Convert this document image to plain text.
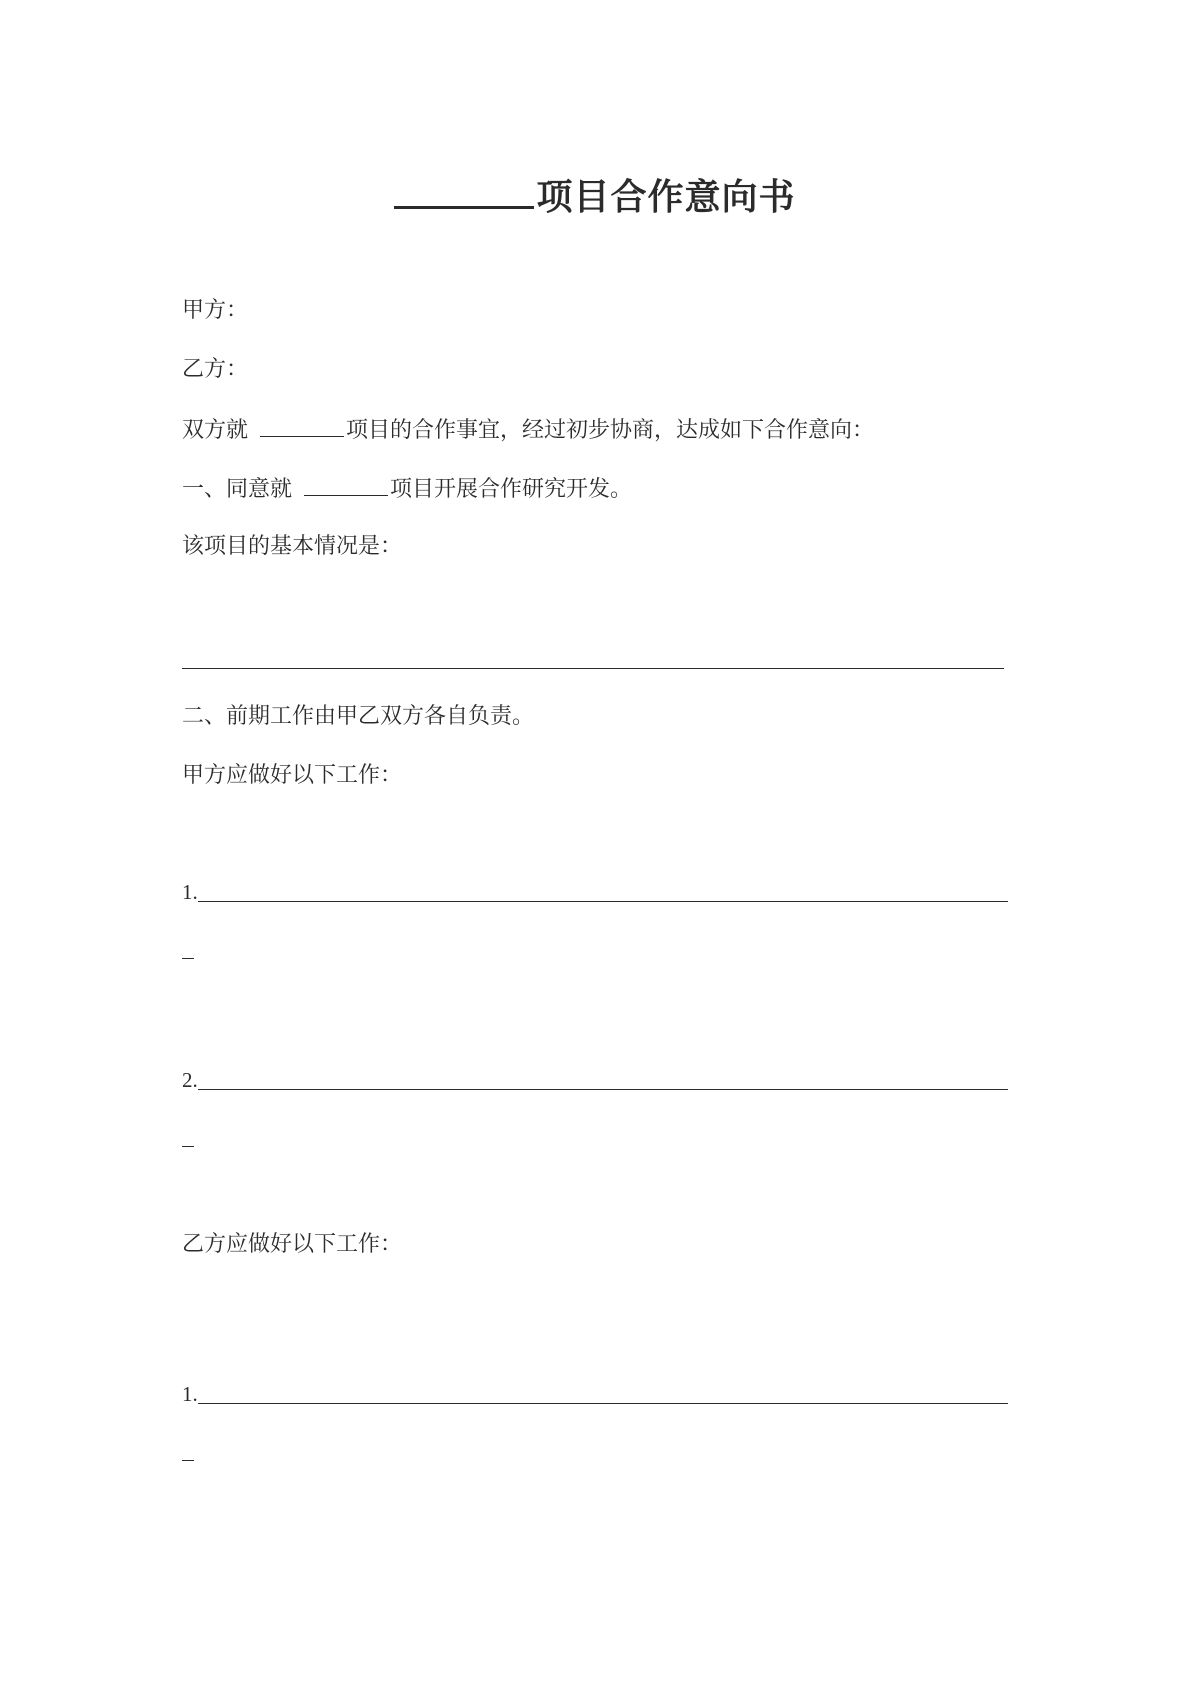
项目合作意向书
甲方：
乙方：
双方就	项目的合作事宜，经过初步协商，达成如下合作意向：
一、同意就	项目开展合作研究开发。
该项目的基本情况是：
二、前期工作由甲乙双方各自负责。
甲方应做好以下工作：
1.
2.
乙方应做好以下工作：
1.
